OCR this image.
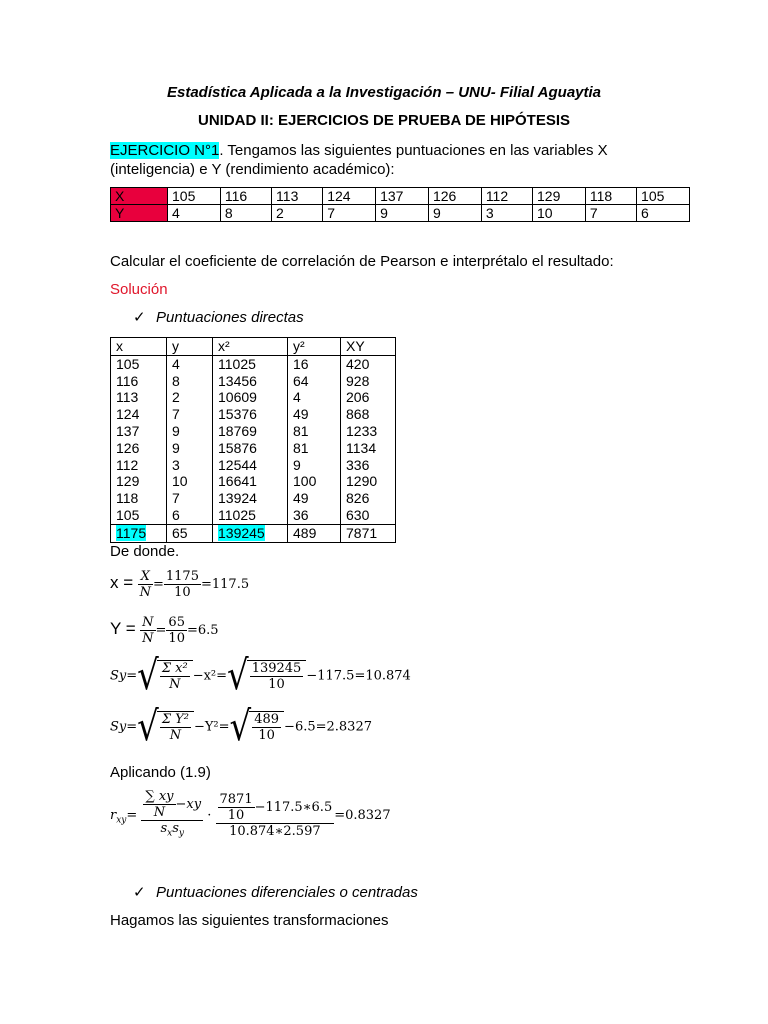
Estadística Aplicada a la Investigación – UNU- Filial Aguaytia
UNIDAD II: EJERCICIOS DE PRUEBA DE HIPÓTESIS
EJERCICIO N°1. Tengamos las siguientes puntuaciones en las variables X
(inteligencia) e Y (rendimiento académico):
X	105	116	113	124	137	126	112	129	118	105
Y	4	8	2	7	9	9	3	10	7	6
Calcular el coeficiente de correlación de Pearson e interprétalo el resultado:
Solución
✓ Puntuaciones directas
x	y	x²	y²	XY
105	4	11025	16	420
116	8	13456	64	928
113	2	10609	4	206
124	7	15376	49	868
137	9	18769	81	1233
126	9	15876	81	1134
112	3	12544	9	336
129	10	16641	100	1290
118	7	13924	49	826
105	6	11025	36	630
1175	65	139245	489	7871
De donde.
$x = \frac{X}{N} = \frac{1175}{10} =117.5$
$Y = \frac{N}{N} = \frac{65}{10} =6.5$
$Sy=√ \frac{\text{Σ x²}}{N} -x^2=√ \frac{139245}{10} -117.5=10.874$
$Sy=√ \frac{\text{Σ Y²}}{N} -Y^2=√ \frac{489}{10} -6.5=2.8327$
Aplicando (1.9)
$r_{xy}= \frac{\frac{\sum xy}{N} -xy}{s_xs_y} \cdot \frac{\frac{7871}{10} -117.5∗6.5}{10.874∗2.597} =0.8327$
✓ Puntuaciones diferenciales o centradas
Hagamos las siguientes transformaciones
